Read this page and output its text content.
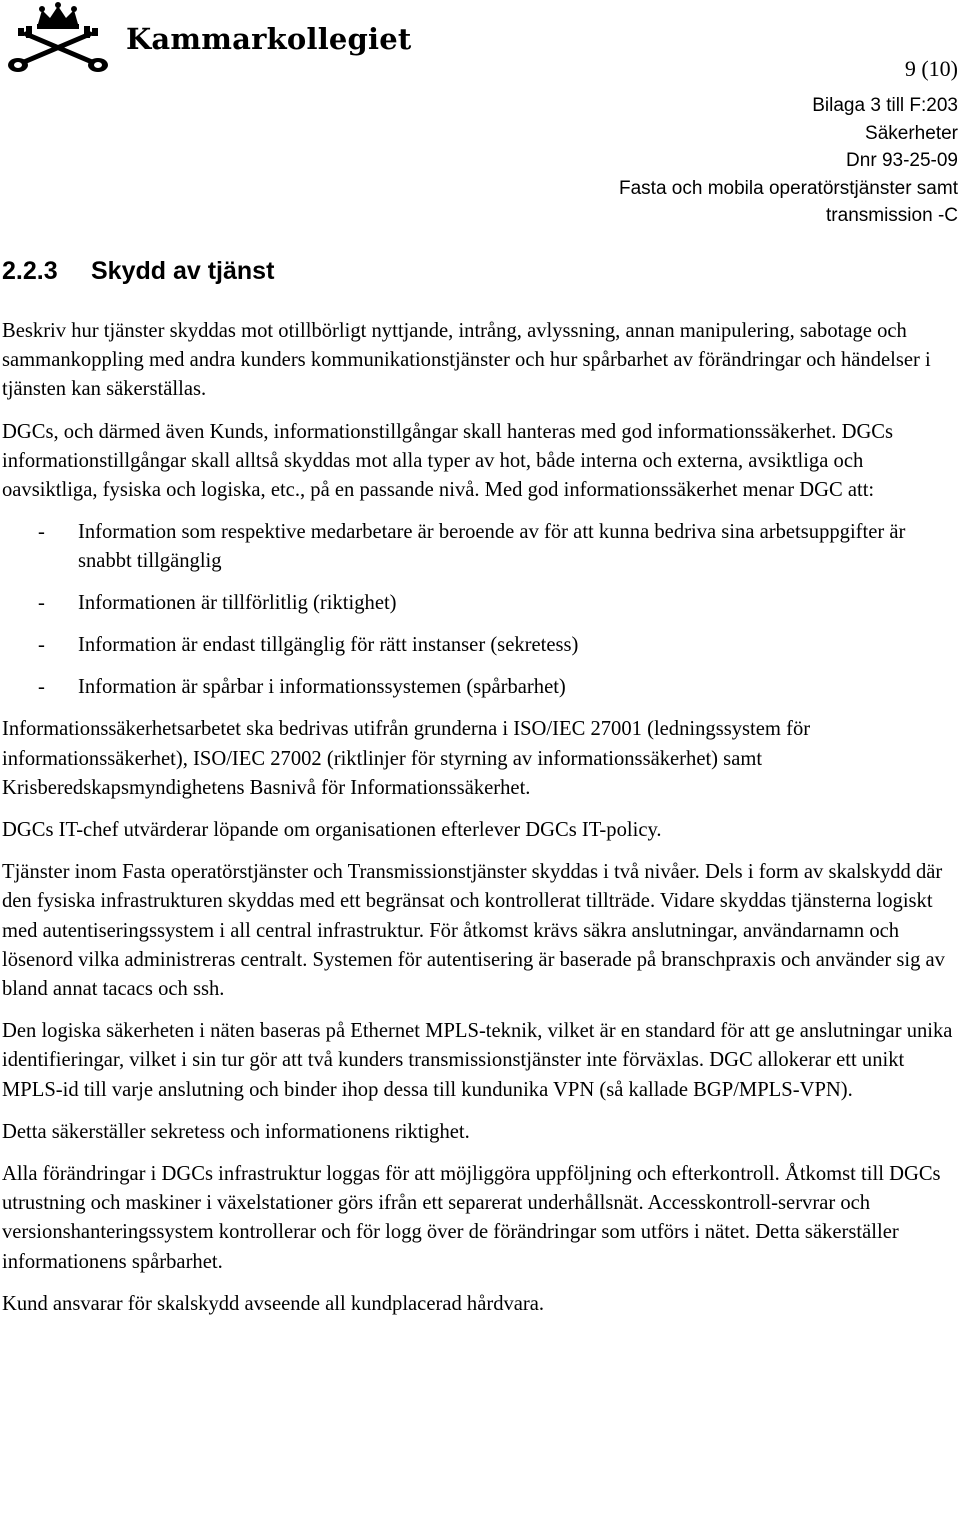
Kammarkollegiet
9 (10)
Bilaga 3 till F:203
Säkerheter
Dnr 93-25-09
Fasta och mobila operatörstjänster samt
transmission -C
2.2.3 Skydd av tjänst

Beskriv hur tjänster skyddas mot otillbörligt nyttjande, intrång, avlyssning, annan manipulering, sabotage och sammankoppling med andra kunders kommunikationstjänster och hur spårbarhet av förändringar och händelser i tjänsten kan säkerställas.

DGCs, och därmed även Kunds, informationstillgångar skall hanteras med god informationssäkerhet. DGCs informationstillgångar skall alltså skyddas mot alla typer av hot, både interna och externa, avsiktliga och oavsiktliga, fysiska och logiska, etc., på en passande nivå. Med god informationssäkerhet menar DGC att:

- Information som respektive medarbetare är beroende av för att kunna bedriva sina arbetsuppgifter är snabbt tillgänglig
- Informationen är tillförlitlig (riktighet)
- Information är endast tillgänglig för rätt instanser (sekretess)
- Information är spårbar i informationssystemen (spårbarhet)

Informationssäkerhetsarbetet ska bedrivas utifrån grunderna i ISO/IEC 27001 (ledningssystem för informationssäkerhet), ISO/IEC 27002 (riktlinjer för styrning av informationssäkerhet) samt Krisberedskapsmyndighetens Basnivå för Informationssäkerhet.

DGCs IT-chef utvärderar löpande om organisationen efterlever DGCs IT-policy.

Tjänster inom Fasta operatörstjänster och Transmissionstjänster skyddas i två nivåer. Dels i form av skalskydd där den fysiska infrastrukturen skyddas med ett begränsat och kontrollerat tillträde. Vidare skyddas tjänsterna logiskt med autentiseringssystem i all central infrastruktur. För åtkomst krävs säkra anslutningar, användarnamn och lösenord vilka administreras centralt. Systemen för autentisering är baserade på branschpraxis och använder sig av bland annat tacacs och ssh.

Den logiska säkerheten i näten baseras på Ethernet MPLS-teknik, vilket är en standard för att ge anslutningar unika identifieringar, vilket i sin tur gör att två kunders transmissionstjänster inte förväxlas. DGC allokerar ett unikt MPLS-id till varje anslutning och binder ihop dessa till kundunika VPN (så kallade BGP/MPLS-VPN).

Detta säkerställer sekretess och informationens riktighet.

Alla förändringar i DGCs infrastruktur loggas för att möjliggöra uppföljning och efterkontroll. Åtkomst till DGCs utrustning och maskiner i växelstationer görs ifrån ett separerat underhållsnät. Accesskontroll-servrar och versionshanteringssystem kontrollerar och för logg över de förändringar som utförs i nätet. Detta säkerställer informationens spårbarhet.

Kund ansvarar för skalskydd avseende all kundplacerad hårdvara.
